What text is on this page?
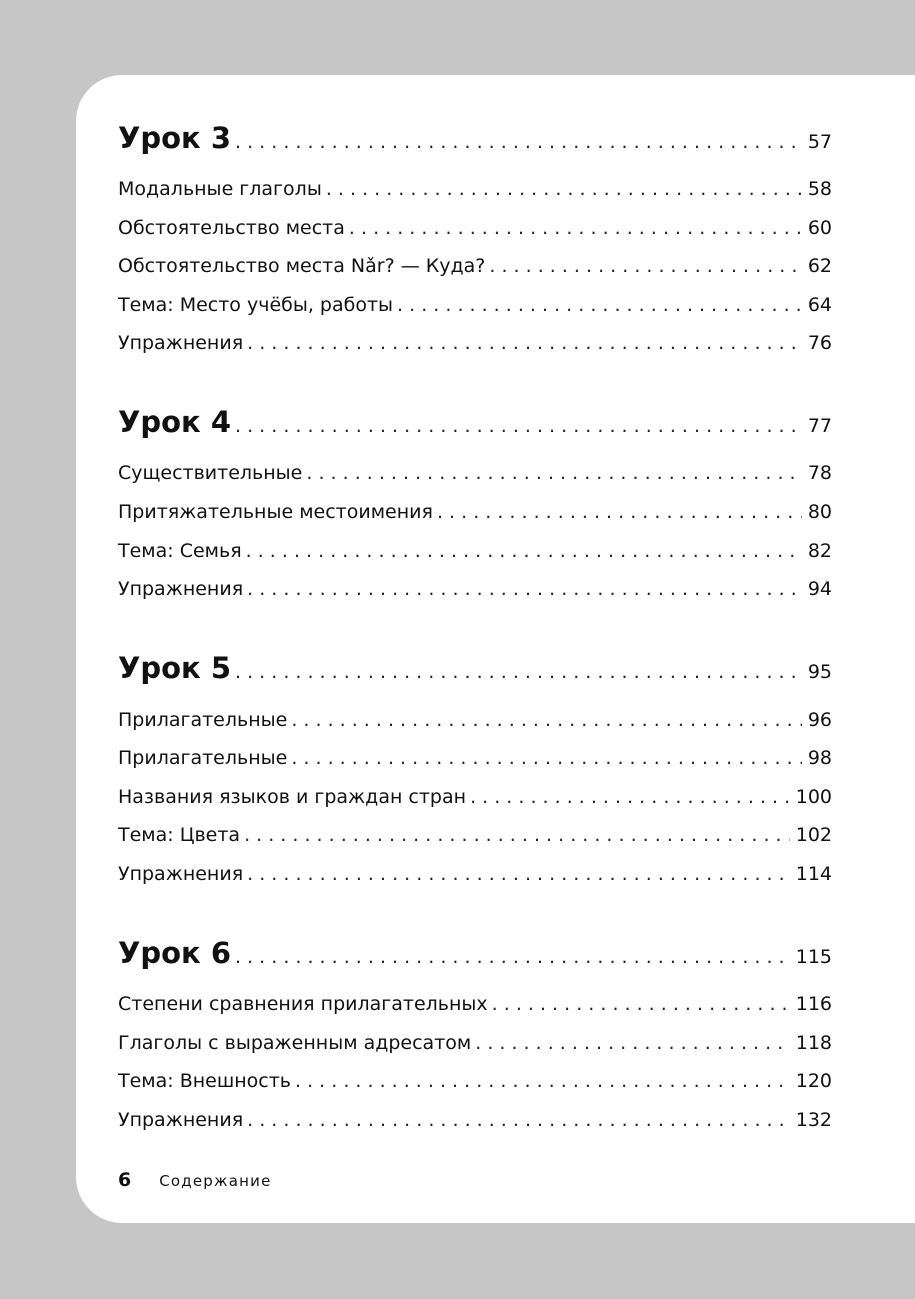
Урок 3 . . .	57
Модальные глаголы . . .	58
Обстоятельство места . . .	60
Обстоятельство места Nǎr? — Куда? . . .	62
Тема: Место учёбы, работы . . .	64
Упражнения . . .	76
Урок 4 . . .	77
Существительные . . .	78
Притяжательные местоимения . . .	80
Тема: Семья . . .	82
Упражнения . . .	94
Урок 5 . . .	95
Прилагательные . . .	96
Прилагательные . . .	98
Названия языков и граждан стран . . .	100
Тема: Цвета . . .	102
Упражнения . . .	114
Урок 6 . . .	115
Степени сравнения прилагательных . . .	116
Глаголы с выраженным адресатом . . .	118
Тема: Внешность . . .	120
Упражнения . . .	132
6 Содержание
